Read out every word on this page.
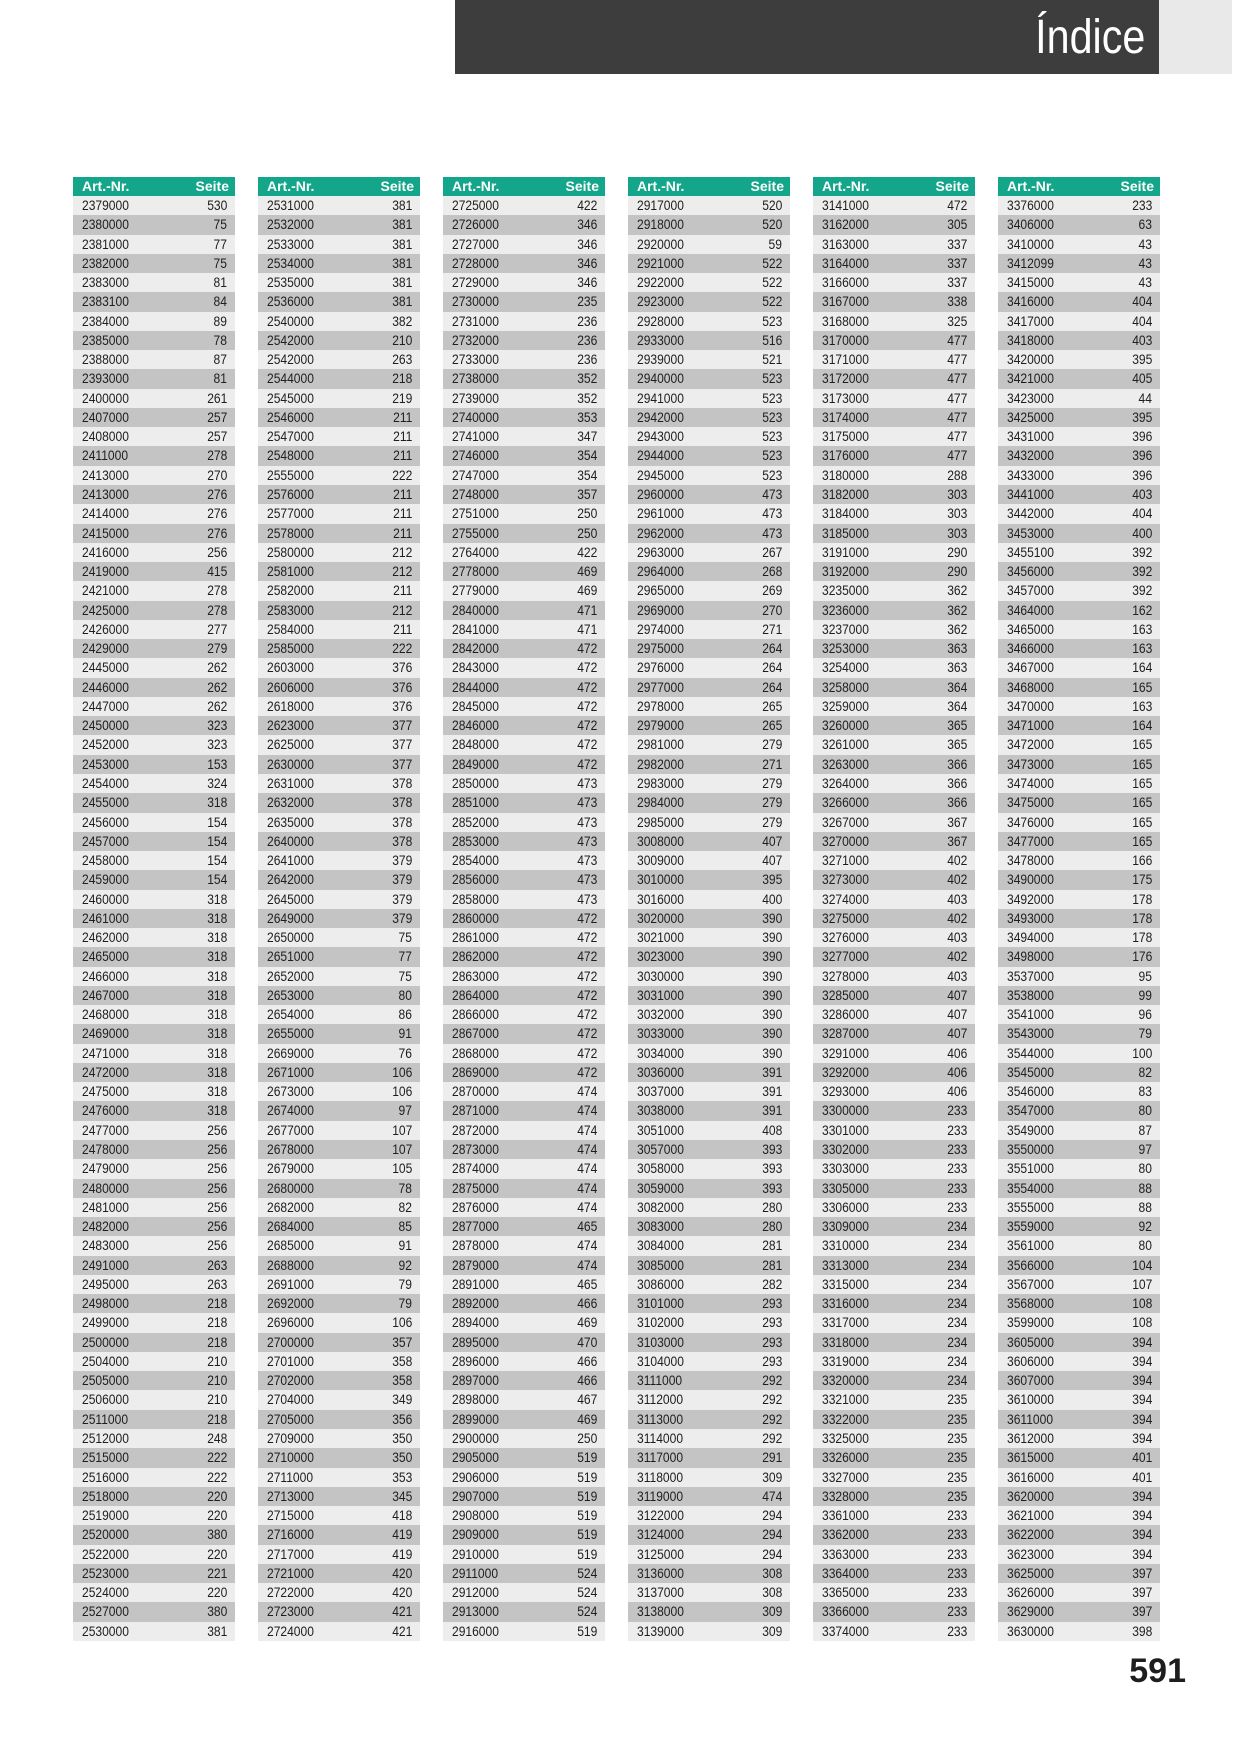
Índice
Art.-Nr.	Seite
2379000	530
2380000	75
2381000	77
2382000	75
2383000	81
2383100	84
2384000	89
2385000	78
2388000	87
2393000	81
2400000	261
2407000	257
2408000	257
2411000	278
2413000	270
2413000	276
2414000	276
2415000	276
2416000	256
2419000	415
2421000	278
2425000	278
2426000	277
2429000	279
2445000	262
2446000	262
2447000	262
2450000	323
2452000	323
2453000	153
2454000	324
2455000	318
2456000	154
2457000	154
2458000	154
2459000	154
2460000	318
2461000	318
2462000	318
2465000	318
2466000	318
2467000	318
2468000	318
2469000	318
2471000	318
2472000	318
2475000	318
2476000	318
2477000	256
2478000	256
2479000	256
2480000	256
2481000	256
2482000	256
2483000	256
2491000	263
2495000	263
2498000	218
2499000	218
2500000	218
2504000	210
2505000	210
2506000	210
2511000	218
2512000	248
2515000	222
2516000	222
2518000	220
2519000	220
2520000	380
2522000	220
2523000	221
2524000	220
2527000	380
2530000	381
Art.-Nr.	Seite
2531000	381
2532000	381
2533000	381
2534000	381
2535000	381
2536000	381
2540000	382
2542000	210
2542000	263
2544000	218
2545000	219
2546000	211
2547000	211
2548000	211
2555000	222
2576000	211
2577000	211
2578000	211
2580000	212
2581000	212
2582000	211
2583000	212
2584000	211
2585000	222
2603000	376
2606000	376
2618000	376
2623000	377
2625000	377
2630000	377
2631000	378
2632000	378
2635000	378
2640000	378
2641000	379
2642000	379
2645000	379
2649000	379
2650000	75
2651000	77
2652000	75
2653000	80
2654000	86
2655000	91
2669000	76
2671000	106
2673000	106
2674000	97
2677000	107
2678000	107
2679000	105
2680000	78
2682000	82
2684000	85
2685000	91
2688000	92
2691000	79
2692000	79
2696000	106
2700000	357
2701000	358
2702000	358
2704000	349
2705000	356
2709000	350
2710000	350
2711000	353
2713000	345
2715000	418
2716000	419
2717000	419
2721000	420
2722000	420
2723000	421
2724000	421
Art.-Nr.	Seite
2725000	422
2726000	346
2727000	346
2728000	346
2729000	346
2730000	235
2731000	236
2732000	236
2733000	236
2738000	352
2739000	352
2740000	353
2741000	347
2746000	354
2747000	354
2748000	357
2751000	250
2755000	250
2764000	422
2778000	469
2779000	469
2840000	471
2841000	471
2842000	472
2843000	472
2844000	472
2845000	472
2846000	472
2848000	472
2849000	472
2850000	473
2851000	473
2852000	473
2853000	473
2854000	473
2856000	473
2858000	473
2860000	472
2861000	472
2862000	472
2863000	472
2864000	472
2866000	472
2867000	472
2868000	472
2869000	472
2870000	474
2871000	474
2872000	474
2873000	474
2874000	474
2875000	474
2876000	474
2877000	465
2878000	474
2879000	474
2891000	465
2892000	466
2894000	469
2895000	470
2896000	466
2897000	466
2898000	467
2899000	469
2900000	250
2905000	519
2906000	519
2907000	519
2908000	519
2909000	519
2910000	519
2911000	524
2912000	524
2913000	524
2916000	519
Art.-Nr.	Seite
2917000	520
2918000	520
2920000	59
2921000	522
2922000	522
2923000	522
2928000	523
2933000	516
2939000	521
2940000	523
2941000	523
2942000	523
2943000	523
2944000	523
2945000	523
2960000	473
2961000	473
2962000	473
2963000	267
2964000	268
2965000	269
2969000	270
2974000	271
2975000	264
2976000	264
2977000	264
2978000	265
2979000	265
2981000	279
2982000	271
2983000	279
2984000	279
2985000	279
3008000	407
3009000	407
3010000	395
3016000	400
3020000	390
3021000	390
3023000	390
3030000	390
3031000	390
3032000	390
3033000	390
3034000	390
3036000	391
3037000	391
3038000	391
3051000	408
3057000	393
3058000	393
3059000	393
3082000	280
3083000	280
3084000	281
3085000	281
3086000	282
3101000	293
3102000	293
3103000	293
3104000	293
3111000	292
3112000	292
3113000	292
3114000	292
3117000	291
3118000	309
3119000	474
3122000	294
3124000	294
3125000	294
3136000	308
3137000	308
3138000	309
3139000	309
Art.-Nr.	Seite
3141000	472
3162000	305
3163000	337
3164000	337
3166000	337
3167000	338
3168000	325
3170000	477
3171000	477
3172000	477
3173000	477
3174000	477
3175000	477
3176000	477
3180000	288
3182000	303
3184000	303
3185000	303
3191000	290
3192000	290
3235000	362
3236000	362
3237000	362
3253000	363
3254000	363
3258000	364
3259000	364
3260000	365
3261000	365
3263000	366
3264000	366
3266000	366
3267000	367
3270000	367
3271000	402
3273000	402
3274000	403
3275000	402
3276000	403
3277000	402
3278000	403
3285000	407
3286000	407
3287000	407
3291000	406
3292000	406
3293000	406
3300000	233
3301000	233
3302000	233
3303000	233
3305000	233
3306000	233
3309000	234
3310000	234
3313000	234
3315000	234
3316000	234
3317000	234
3318000	234
3319000	234
3320000	234
3321000	235
3322000	235
3325000	235
3326000	235
3327000	235
3328000	235
3361000	233
3362000	233
3363000	233
3364000	233
3365000	233
3366000	233
3374000	233
Art.-Nr.	Seite
3376000	233
3406000	63
3410000	43
3412099	43
3415000	43
3416000	404
3417000	404
3418000	403
3420000	395
3421000	405
3423000	44
3425000	395
3431000	396
3432000	396
3433000	396
3441000	403
3442000	404
3453000	400
3455100	392
3456000	392
3457000	392
3464000	162
3465000	163
3466000	163
3467000	164
3468000	165
3470000	163
3471000	164
3472000	165
3473000	165
3474000	165
3475000	165
3476000	165
3477000	165
3478000	166
3490000	175
3492000	178
3493000	178
3494000	178
3498000	176
3537000	95
3538000	99
3541000	96
3543000	79
3544000	100
3545000	82
3546000	83
3547000	80
3549000	87
3550000	97
3551000	80
3554000	88
3555000	88
3559000	92
3561000	80
3566000	104
3567000	107
3568000	108
3599000	108
3605000	394
3606000	394
3607000	394
3610000	394
3611000	394
3612000	394
3615000	401
3616000	401
3620000	394
3621000	394
3622000	394
3623000	394
3625000	397
3626000	397
3629000	397
3630000	398
591
